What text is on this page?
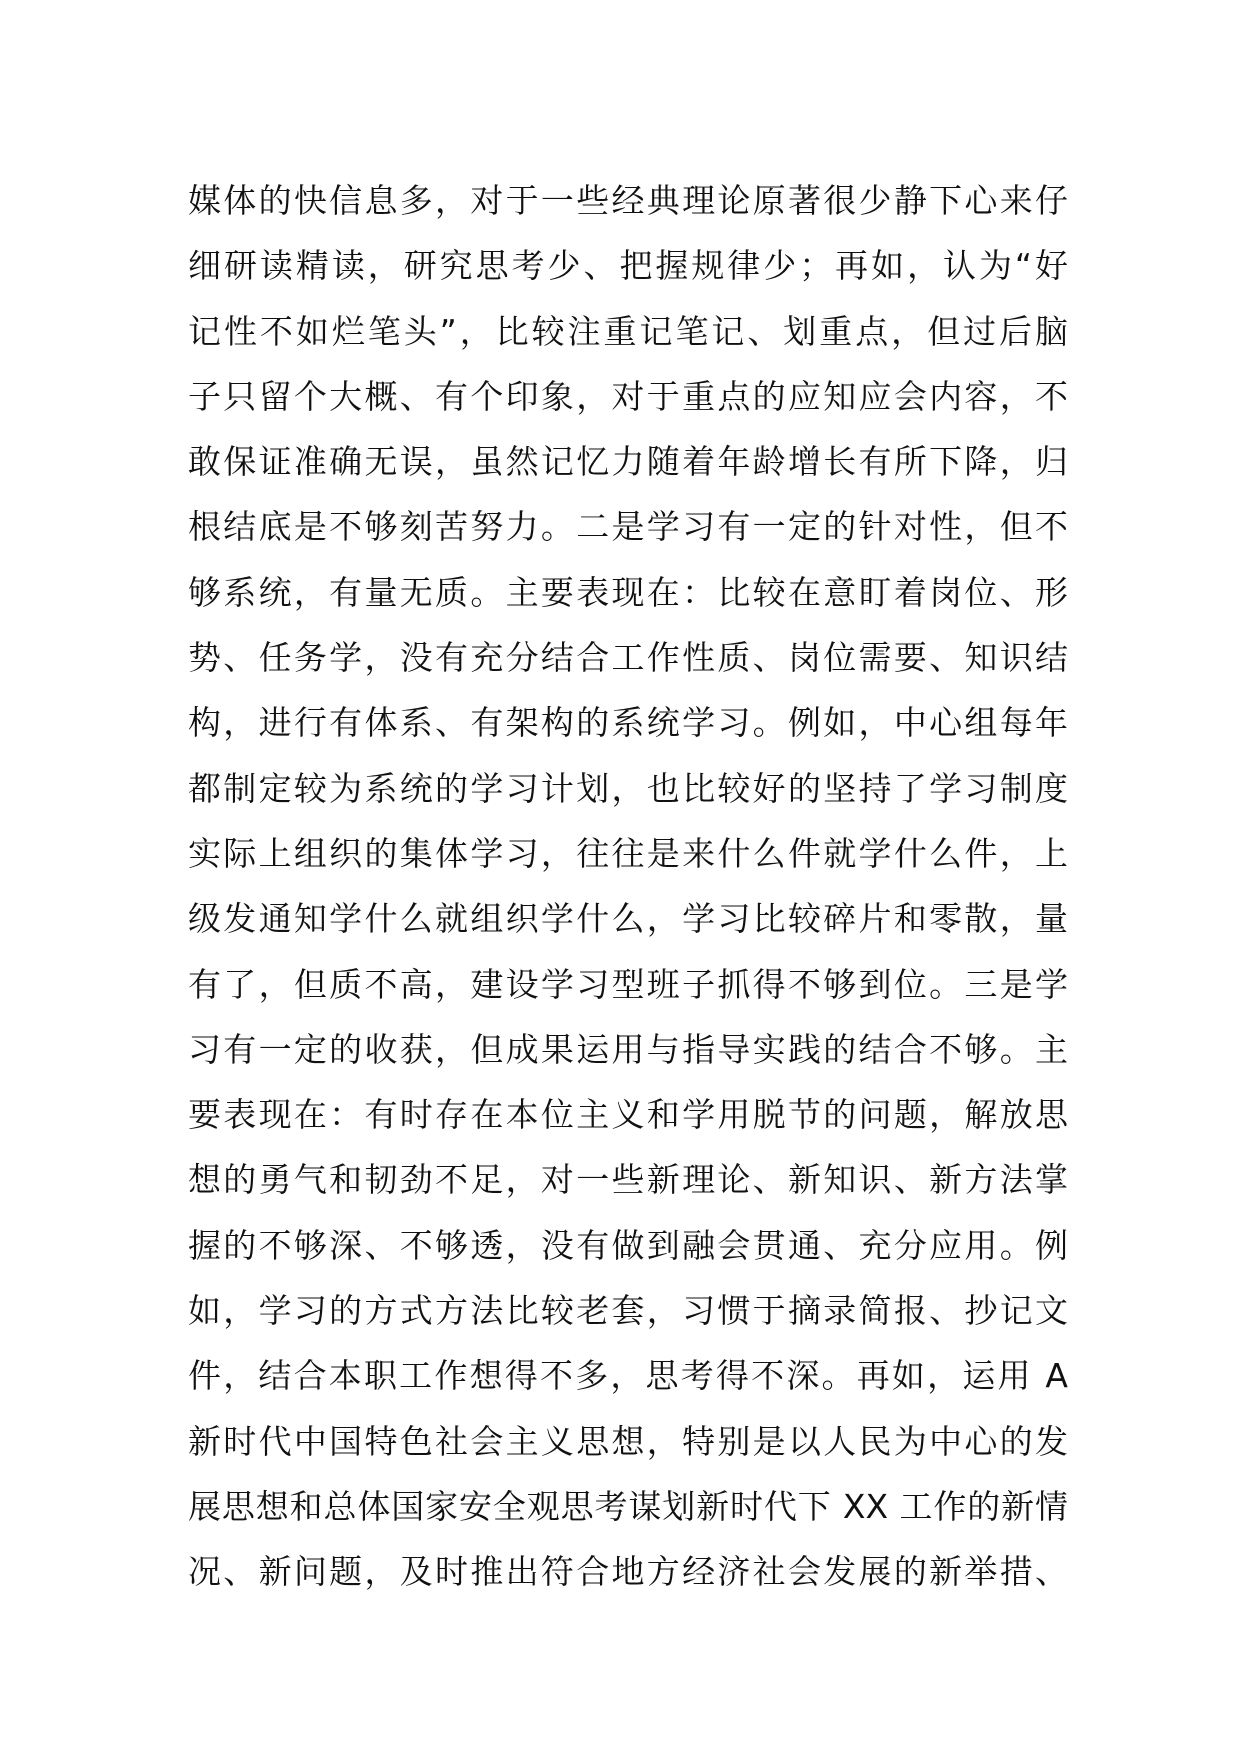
媒体的快信息多，对于一些经典理论原著很少静下心来仔
细研读精读，研究思考少、把握规律少；再如，认为“好
记性不如烂笔头”，比较注重记笔记、划重点，但过后脑
子只留个大概、有个印象，对于重点的应知应会内容，不
敢保证准确无误，虽然记忆力随着年龄增长有所下降，归
根结底是不够刻苦努力。二是学习有一定的针对性，但不
够系统，有量无质。主要表现在：比较在意盯着岗位、形
势、任务学，没有充分结合工作性质、岗位需要、知识结
构，进行有体系、有架构的系统学习。例如，中心组每年
都制定较为系统的学习计划，也比较好的坚持了学习制度
实际上组织的集体学习，往往是来什么件就学什么件，上
级发通知学什么就组织学什么，学习比较碎片和零散，量
有了，但质不高，建设学习型班子抓得不够到位。三是学
习有一定的收获，但成果运用与指导实践的结合不够。主
要表现在：有时存在本位主义和学用脱节的问题，解放思
想的勇气和韧劲不足，对一些新理论、新知识、新方法掌
握的不够深、不够透，没有做到融会贯通、充分应用。例
如，学习的方式方法比较老套，习惯于摘录简报、抄记文
件，结合本职工作想得不多，思考得不深。再如，运用 A
新时代中国特色社会主义思想，特别是以人民为中心的发
展思想和总体国家安全观思考谋划新时代下 XX 工作的新情
况、新问题，及时推出符合地方经济社会发展的新举措、
